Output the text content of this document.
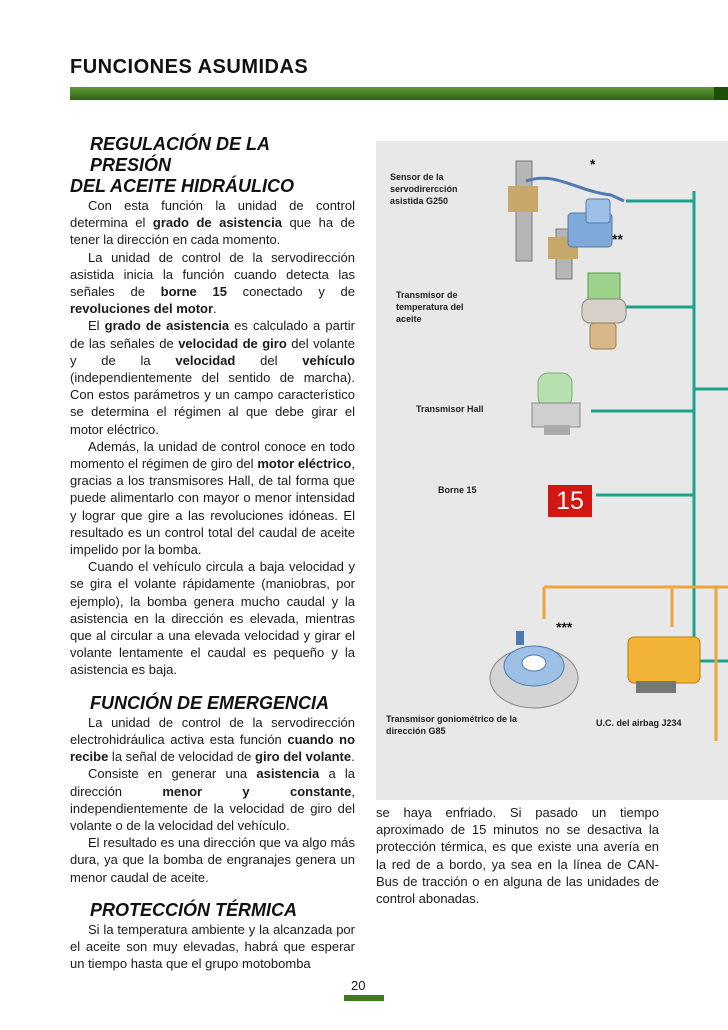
FUNCIONES ASUMIDAS
REGULACIÓN DE LA PRESIÓN
DEL ACEITE HIDRÁULICO

Con esta función la unidad de control determina el grado de asistencia que ha de tener la dirección en cada momento.
La unidad de control de la servodirección asistida inicia la función cuando detecta las señales de borne 15 conectado y de revoluciones del motor.
El grado de asistencia es calculado a partir de las señales de velocidad de giro del volante y de la velocidad del vehículo (independientemente del sentido de marcha). Con estos parámetros y un campo característico se determina el régimen al que debe girar el motor eléctrico.
Además, la unidad de control conoce en todo momento el régimen de giro del motor eléctrico, gracias a los transmisores Hall, de tal forma que puede alimentarlo con mayor o menor intensidad y lograr que gire a las revoluciones idóneas. El resultado es un control total del caudal de aceite impelido por la bomba.
Cuando el vehículo circula a baja velocidad y se gira el volante rápidamente (maniobras, por ejemplo), la bomba genera mucho caudal y la asistencia en la dirección es elevada, mientras que al circular a una elevada velocidad y girar el volante lentamente el caudal es pequeño y la asistencia es baja.

FUNCIÓN DE EMERGENCIA

La unidad de control de la servodirección electrohidráulica activa esta función cuando no recibe la señal de velocidad de giro del volante.
Consiste en generar una asistencia a la dirección menor y constante, independientemente de la velocidad de giro del volante o de la velocidad del vehículo.
El resultado es una dirección que va algo más dura, ya que la bomba de engranajes genera un menor caudal de aceite.

PROTECCIÓN TÉRMICA

Si la temperatura ambiente y la alcanzada por el aceite son muy elevadas, habrá que esperar un tiempo hasta que el grupo motobomba

*
**
***
Sensor de la servodirercción asistida G250
Transmisor de temperatura del aceite
Transmisor Hall
Borne 15	15
Transmisor goniométrico de la dirección G85
U.C. del airbag J234

se haya enfriado. Si pasado un tiempo aproximado de 15 minutos no se desactiva la protección térmica, es que existe una avería en la red de a bordo, ya sea en la línea de CAN-Bus de tracción o en alguna de las unidades de control abonadas.

20
